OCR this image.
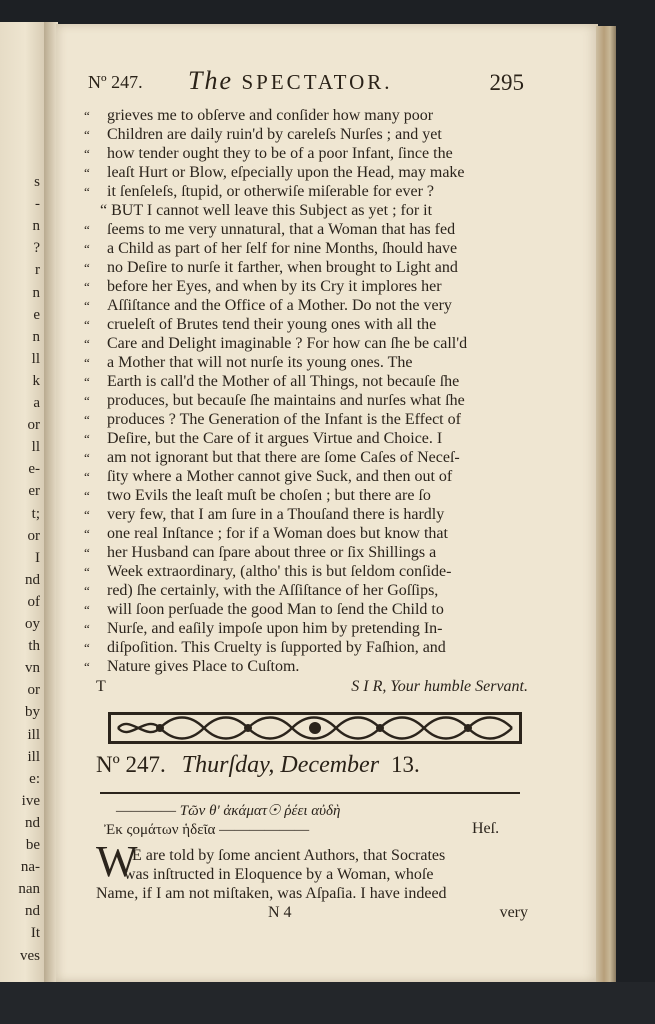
s
-
n
?
r
n
e
n
ll
k
a
or
ll
e-
er
t;
or
I
nd
of
oy
th
vn
or
by
ill
ill
e:
ive
nd
be
na-
nan
nd
It
ves
Nº 247. The SPECTATOR.	295
“ grieves me to obſerve and conſider how many poor
“ Children are daily ruin'd by careleſs Nurſes ; and yet
“ how tender ought they to be of a poor Infant, ſince the
“ leaſt Hurt or Blow, eſpecially upon the Head, may make
“ it ſenſeleſs, ſtupid, or otherwiſe miſerable for ever ?
“ BUT I cannot well leave this Subject as yet ; for it
“ ſeems to me very unnatural, that a Woman that has fed
“ a Child as part of her ſelf for nine Months, ſhould have
“ no Deſire to nurſe it farther, when brought to Light and
“ before her Eyes, and when by its Cry it implores her
“ Aſſiſtance and the Office of a Mother. Do not the very
“ crueleſt of Brutes tend their young ones with all the
“ Care and Delight imaginable ? For how can ſhe be call'd
“ a Mother that will not nurſe its young ones. The
“ Earth is call'd the Mother of all Things, not becauſe ſhe
“ produces, but becauſe ſhe maintains and nurſes what ſhe
“ produces ? The Generation of the Infant is the Effect of
“ Deſire, but the Care of it argues Virtue and Choice. I
“ am not ignorant but that there are ſome Caſes of Neceſ-
“ ſity where a Mother cannot give Suck, and then out of
“ two Evils the leaſt muſt be choſen ; but there are ſo
“ very few, that I am ſure in a Thouſand there is hardly
“ one real Inſtance ; for if a Woman does but know that
“ her Husband can ſpare about three or ſix Shillings a
“ Week extraordinary, (altho' this is but ſeldom conſide-
“ red) ſhe certainly, with the Aſſiſtance of her Goſſips,
“ will ſoon perſuade the good Man to ſend the Child to
“ Nurſe, and eaſily impoſe upon him by pretending In-
“ diſpoſition. This Cruelty is ſupported by Faſhion, and
“ Nature gives Place to Cuſtom.
T	S I R, Your humble Servant.
Nº 247. Thurſday, December 13.
———— Τῶν θ' ἀκάματ☉ ῥέει αὐδὴ
Ἐκ ςομάτων ἡδεῖα ——————	Heſ.
W
E are told by ſome ancient Authors, that Socrates
was inſtructed in Eloquence by a Woman, whoſe
Name, if I am not miſtaken, was Aſpaſia. I have indeed
N 4	very
